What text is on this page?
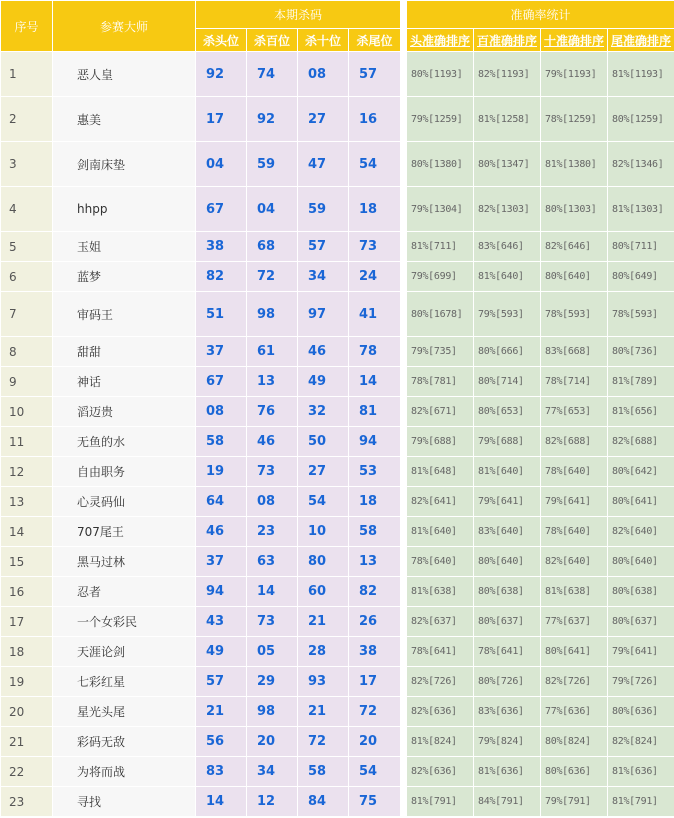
序号	参赛大师	本期杀码					准确率统计			
		杀头位	杀百位	杀十位	杀尾位		头准确排序	百准确排序	十准确排序	尾准确排序
1	恶人皇	92	74	08	57		80%[1193]	82%[1193]	79%[1193]	81%[1193]
2	惠美	17	92	27	16		79%[1259]	81%[1258]	78%[1259]	80%[1259]
3	剑南床垫	04	59	47	54		80%[1380]	80%[1347]	81%[1380]	82%[1346]
4	hhpp	67	04	59	18		79%[1304]	82%[1303]	80%[1303]	81%[1303]
5	玉姐	38	68	57	73		81%[711]	83%[646]	82%[646]	80%[711]
6	蓝梦	82	72	34	24		79%[699]	81%[640]	80%[640]	80%[649]
7	审码王	51	98	97	41		80%[1678]	79%[593]	78%[593]	78%[593]
8	甜甜	37	61	46	78		79%[735]	80%[666]	83%[668]	80%[736]
9	神话	67	13	49	14		78%[781]	80%[714]	78%[714]	81%[789]
10	滔迈贵	08	76	32	81		82%[671]	80%[653]	77%[653]	81%[656]
11	无鱼的水	58	46	50	94		79%[688]	79%[688]	82%[688]	82%[688]
12	自由职务	19	73	27	53		81%[648]	81%[640]	78%[640]	80%[642]
13	心灵码仙	64	08	54	18		82%[641]	79%[641]	79%[641]	80%[641]
14	707尾王	46	23	10	58		81%[640]	83%[640]	78%[640]	82%[640]
15	黑马过林	37	63	80	13		78%[640]	80%[640]	82%[640]	80%[640]
16	忍者	94	14	60	82		81%[638]	80%[638]	81%[638]	80%[638]
17	一个女彩民	43	73	21	26		82%[637]	80%[637]	77%[637]	80%[637]
18	天涯论剑	49	05	28	38		78%[641]	78%[641]	80%[641]	79%[641]
19	七彩红星	57	29	93	17		82%[726]	80%[726]	82%[726]	79%[726]
20	星光头尾	21	98	21	72		82%[636]	83%[636]	77%[636]	80%[636]
21	彩码无敌	56	20	72	20		81%[824]	79%[824]	80%[824]	82%[824]
22	为将而战	83	34	58	54		82%[636]	81%[636]	80%[636]	81%[636]
23	寻找	14	12	84	75		81%[791]	84%[791]	79%[791]	81%[791]
